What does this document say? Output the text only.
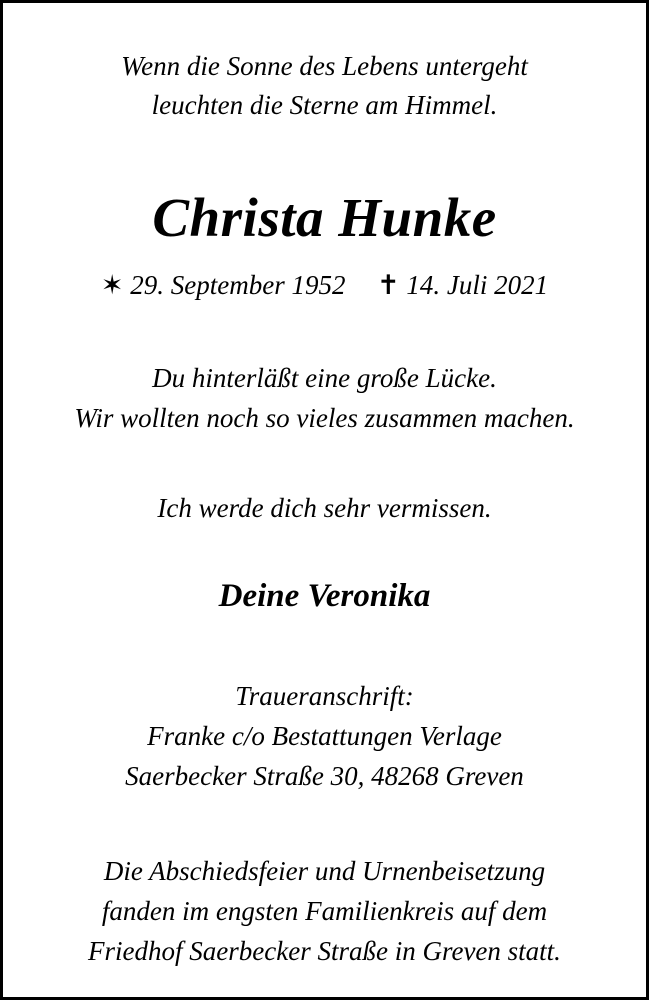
Wenn die Sonne des Lebens untergeht
leuchten die Sterne am Himmel.
Christa Hunke
✶ 29. September 1952 ✝ 14. Juli 2021
Du hinterläßt eine große Lücke.
Wir wollten noch so vieles zusammen machen.
Ich werde dich sehr vermissen.
Deine Veronika
Traueranschrift:
Franke c/o Bestattungen Verlage
Saerbecker Straße 30, 48268 Greven
Die Abschiedsfeier und Urnenbeisetzung
fanden im engsten Familienkreis auf dem
Friedhof Saerbecker Straße in Greven statt.
